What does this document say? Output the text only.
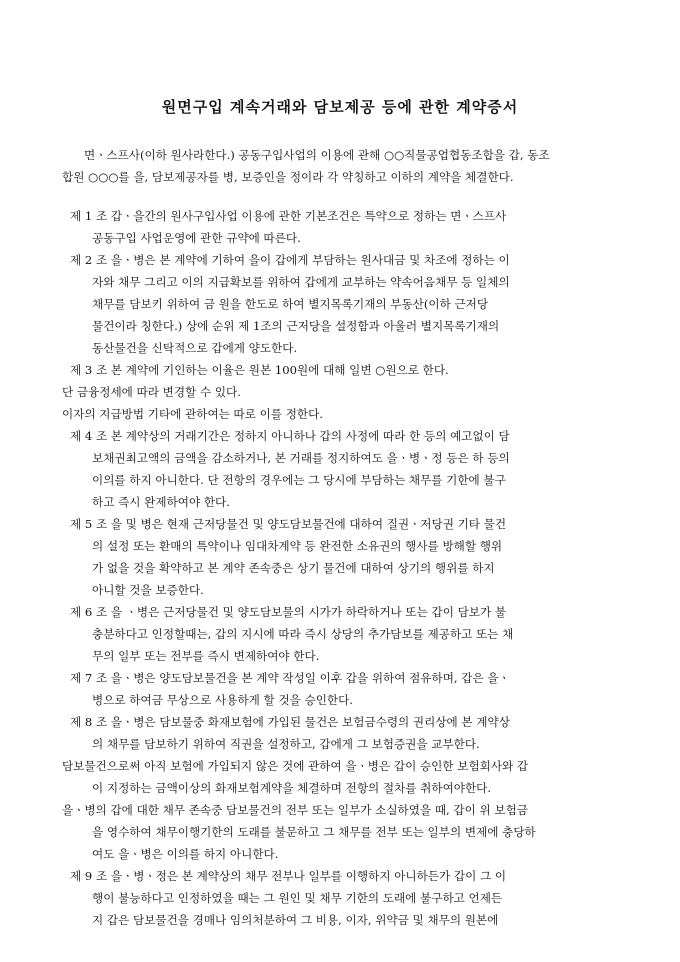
원면구입 계속거래와 담보제공 등에 관한 계약증서
면ㆍ스프사(이하 원사라한다.) 공동구입사업의 이용에 관해 ○○직물공업협동조합을 갑, 동조
합원 ○○○를 을, 담보제공자를 병, 보증인을 정이라 각 약칭하고 이하의 계약을 체결한다.
제 1 조 갑ㆍ을간의 원사구입사업 이용에 관한 기본조건은 특약으로 정하는 면ㆍ스프사
공동구입 사업운영에 관한 규약에 따른다.
제 2 조 을ㆍ병은 본 계약에 기하여 을이 갑에게 부담하는 원사대금 및 차조에 정하는 이
자와 채무 그리고 이의 지급확보를 위하여 갑에게 교부하는 약속어음채무 등 일체의
채무를 담보키 위하여 금 원을 한도로 하여 별지목록기재의 부동산(이하 근저당
물건이라 칭한다.) 상에 순위 제 1조의 근저당을 설정함과 아울러 별지목록기재의
동산물건을 신탁적으로 갑에게 양도한다.
제 3 조 본 계약에 기인하는 이율은 원본 100원에 대해 일변 ○원으로 한다.
단 금융정세에 따라 변경할 수 있다.
이자의 지급방법 기타에 관하여는 따로 이를 정한다.
제 4 조 본 계약상의 거래기간은 정하지 아니하나 갑의 사정에 따라 한 등의 예고없이 담
보채권최고액의 금액을 감소하거나, 본 거래를 정지하여도 을ㆍ병ㆍ정 등은 하 등의
이의를 하지 아니한다. 단 전항의 경우에는 그 당시에 부담하는 채무를 기한에 불구
하고 즉시 완제하여야 한다.
제 5 조 을 및 병은 현재 근저당물건 및 양도담보물건에 대하여 질권ㆍ저당권 기타 물건
의 설정 또는 환매의 특약이나 임대차계약 등 완전한 소유권의 행사를 방해할 행위
가 없을 것을 확약하고 본 계약 존속중은 상기 물건에 대하여 상기의 행위를 하지
아니할 것을 보증한다.
제 6 조 을 ㆍ병은 근저당물건 및 양도담보물의 시가가 하락하거나 또는 갑이 담보가 불
충분하다고 인정할때는, 갑의 지시에 따라 즉시 상당의 추가담보를 제공하고 또는 채
무의 일부 또는 전부를 즉시 변제하여야 한다.
제 7 조 을ㆍ병은 양도담보물건을 본 계약 작성일 이후 갑을 위하여 점유하며, 갑은 을ㆍ
병으로 하여금 무상으로 사용하게 할 것을 승인한다.
제 8 조 을ㆍ병은 담보물중 화재보험에 가입된 물건은 보험금수령의 권리상에 본 계약상
의 채무를 담보하기 위하여 직권을 설정하고, 갑에게 그 보험증권을 교부한다.
담보물건으로써 아직 보험에 가입되지 않은 것에 관하여 을ㆍ병은 갑이 승인한 보험회사와 갑
이 지정하는 금액이상의 화재보험계약을 체결하며 전항의 절차를 취하여야한다.
을ㆍ병의 갑에 대한 채무 존속중 담보물건의 전부 또는 일부가 소실하였을 때, 갑이 위 보험금
을 영수하여 채무이행기한의 도래를 불문하고 그 채무를 전부 또는 일부의 변제에 충당하
여도 을ㆍ병은 이의를 하지 아니한다.
제 9 조 을ㆍ병ㆍ정은 본 계약상의 채무 전부나 일부를 이행하지 아니하든가 갑이 그 이
행이 불능하다고 인정하였을 때는 그 원인 및 채무 기한의 도래에 불구하고 언제든
지 갑은 담보물건을 경매나 임의처분하여 그 비용, 이자, 위약금 및 채무의 원본에
